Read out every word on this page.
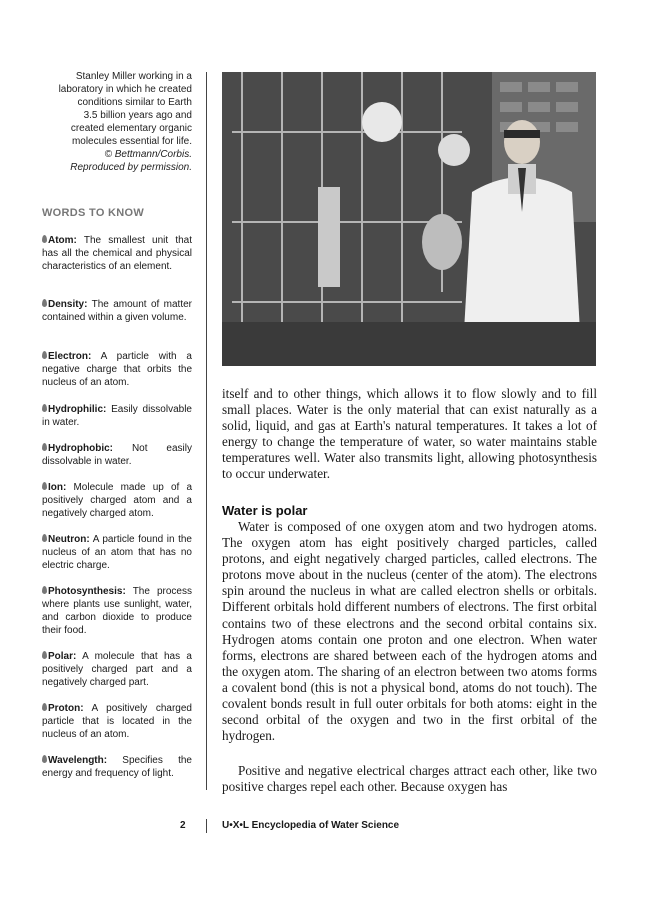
Stanley Miller working in a
laboratory in which he created
conditions similar to Earth
3.5 billion years ago and
created elementary organic
molecules essential for life.
© Bettmann/Corbis.
Reproduced by permission.
WORDS TO KNOW
Atom: The smallest unit that has all the chemical and physical characteristics of an element.
Density: The amount of matter contained within a given volume.
Electron: A particle with a negative charge that orbits the nucleus of an atom.
Hydrophilic: Easily dissolvable in water.
Hydrophobic: Not easily dissolvable in water.
Ion: Molecule made up of a positively charged atom and a negatively charged atom.
Neutron: A particle found in the nucleus of an atom that has no electric charge.
Photosynthesis: The process where plants use sunlight, water, and carbon dioxide to produce their food.
Polar: A molecule that has a positively charged part and a negatively charged part.
Proton: A positively charged particle that is located in the nucleus of an atom.
Wavelength: Specifies the energy and frequency of light.

itself and to other things, which allows it to flow slowly and to fill small places. Water is the only material that can exist naturally as a solid, liquid, and gas at Earth's natural temperatures. It takes a lot of energy to change the temperature of water, so water maintains stable temperatures well. Water also transmits light, allowing photosynthesis to occur underwater.

Water is polar

Water is composed of one oxygen atom and two hydrogen atoms. The oxygen atom has eight positively charged particles, called protons, and eight negatively charged particles, called electrons. The protons move about in the nucleus (center of the atom). The electrons spin around the nucleus in what are called electron shells or orbitals. Different orbitals hold different numbers of electrons. The first orbital contains two of these electrons and the second orbital contains six. Hydrogen atoms contain one proton and one electron. When water forms, electrons are shared between each of the hydrogen atoms and the oxygen atom. The sharing of an electron between two atoms forms a covalent bond (this is not a physical bond, atoms do not touch). The covalent bonds result in full outer orbitals for both atoms: eight in the second orbital of the oxygen and two in the first orbital of the hydrogen.

Positive and negative electrical charges attract each other, like two positive charges repel each other. Because oxygen has

2	U•X•L Encyclopedia of Water Science
